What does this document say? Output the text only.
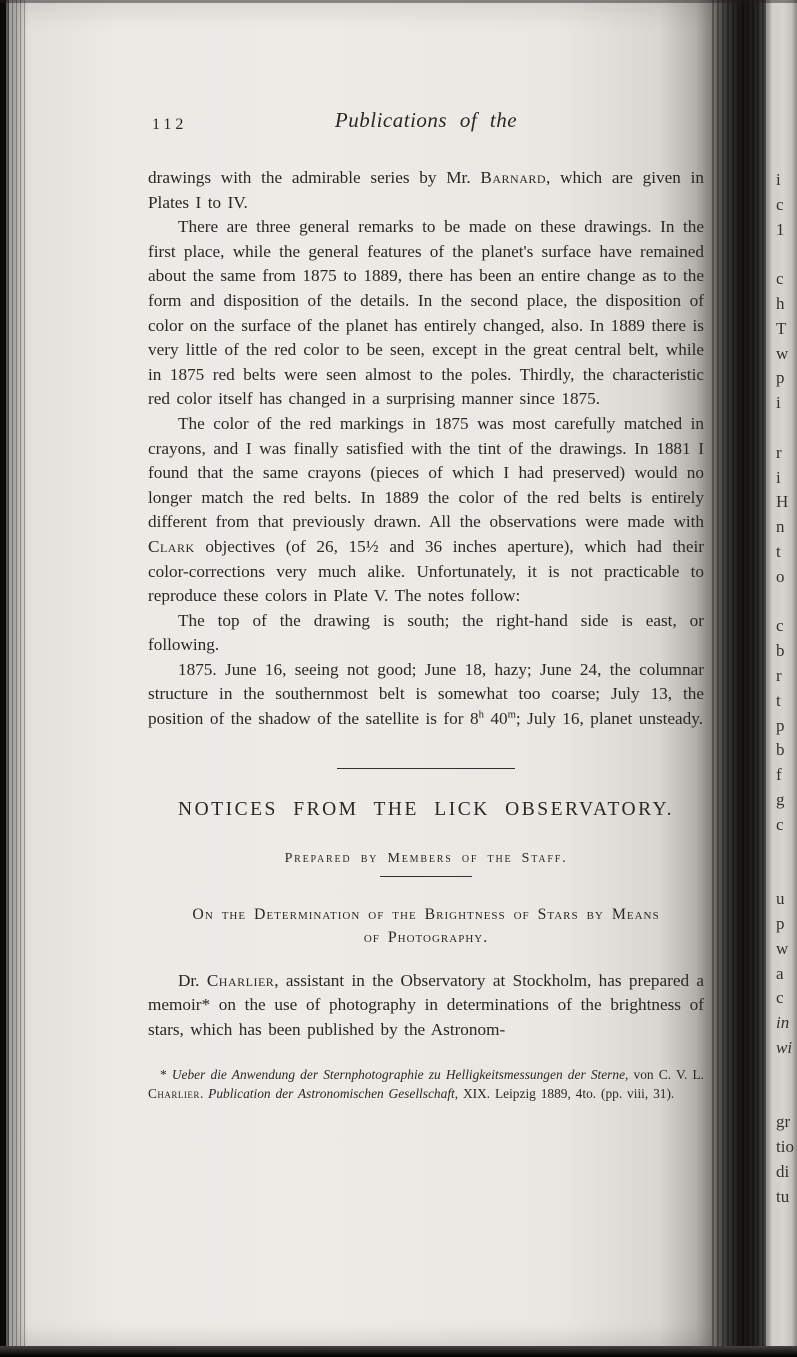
112	Publications of the

drawings with the admirable series by Mr. Barnard, which are given in Plates I to IV.

There are three general remarks to be made on these drawings. In the first place, while the general features of the planet's surface have remained about the same from 1875 to 1889, there has been an entire change as to the form and disposition of the details. In the second place, the disposition of color on the surface of the planet has entirely changed, also. In 1889 there is very little of the red color to be seen, except in the great central belt, while in 1875 red belts were seen almost to the poles. Thirdly, the characteristic red color itself has changed in a surprising manner since 1875.

The color of the red markings in 1875 was most carefully matched in crayons, and I was finally satisfied with the tint of the drawings. In 1881 I found that the same crayons (pieces of which I had preserved) would no longer match the red belts. In 1889 the color of the red belts is entirely different from that previously drawn. All the observations were made with Clark objectives (of 26, 15½ and 36 inches aperture), which had their color-corrections very much alike. Unfortunately, it is not practicable to reproduce these colors in Plate V. The notes follow:

The top of the drawing is south; the right-hand side is east, or following.

1875. June 16, seeing not good; June 18, hazy; June 24, the columnar structure in the southernmost belt is somewhat too coarse; July 13, the position of the shadow of the satellite is for 8$^h$ 40$^m$; July 16, planet unsteady.

NOTICES FROM THE LICK OBSERVATORY.
Prepared by Members of the Staff.
On the Determination of the Brightness of Stars by Means
of Photography.

Dr. Charlier, assistant in the Observatory at Stockholm, has prepared a memoir* on the use of photography in determinations of the brightness of stars, which has been published by the Astronom-

* Ueber die Anwendung der Sternphotographie zu Helligkeitsmessungen der Sterne, von C. V. L. Charlier. Publication der Astronomischen Gesellschaft, XIX. Leipzig 1889, 4to. (pp. viii, 31).
i
c
1
c
h
T
w
p
i
r
i
H
n
t
o
c
b
r
t
p
b
f
g
c
u
p
w
a
c
in
wi
gr
tio
di
tu
